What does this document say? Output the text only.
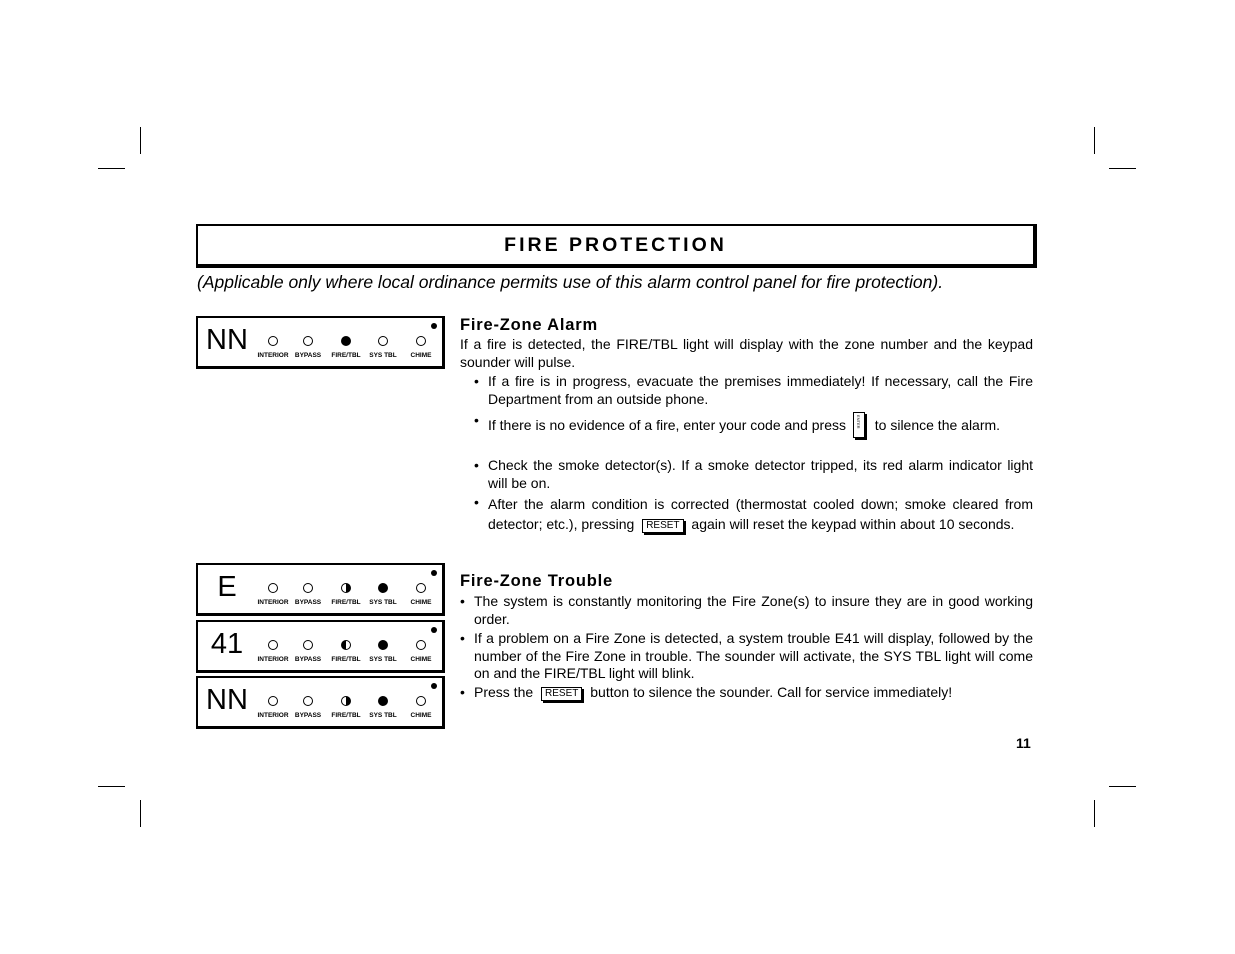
FIRE PROTECTION
(Applicable only where local ordinance permits use of this alarm control panel for fire protection).
NN	INTERIOR BYPASS	FIRE/TBL	SYS TBL	CHIME
E	INTERIOR BYPASS	FIRE/TBL	SYS TBL	CHIME
41	INTERIOR BYPASS	FIRE/TBL	SYS TBL	CHIME
NN	INTERIOR BYPASS	FIRE/TBL	SYS TBL	CHIME
Fire-Zone Alarm
If a fire is detected, the FIRE/TBL light will display with the zone number and the keypad sounder will pulse.
• If a fire is in progress, evacuate the premises immediately! If necessary, call the Fire Department from an outside phone.
• If there is no evidence of a fire, enter your code and press ENTER to silence the alarm.
• Check the smoke detector(s). If a smoke detector tripped, its red alarm indicator light will be on.
• After the alarm condition is corrected (thermostat cooled down; smoke cleared from detector; etc.), pressing RESET again will reset the keypad within about 10 seconds.
Fire-Zone Trouble
• The system is constantly monitoring the Fire Zone(s) to insure they are in good working order.
• If a problem on a Fire Zone is detected, a system trouble E41 will display, followed by the number of the Fire Zone in trouble. The sounder will activate, the SYS TBL light will come on and the FIRE/TBL light will blink.
• Press the RESET button to silence the sounder. Call for service immediately!
11
